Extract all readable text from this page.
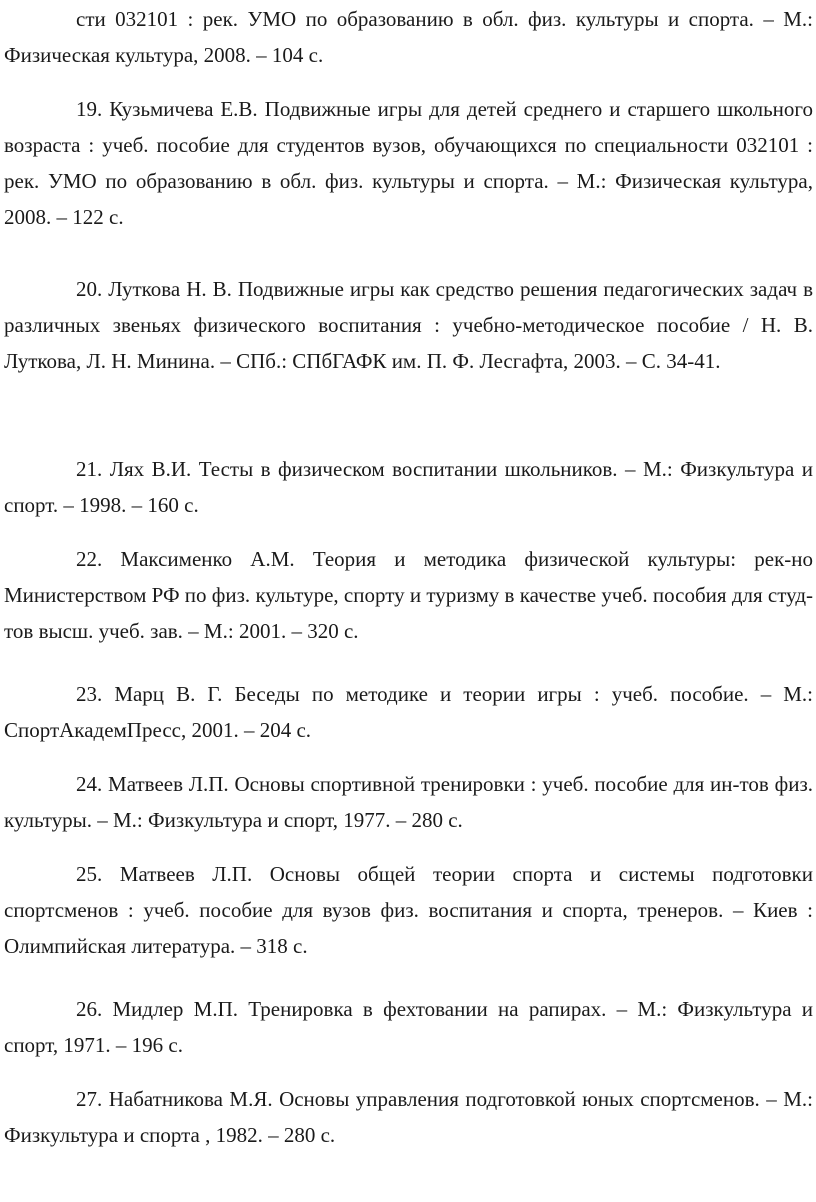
сти 032101 : рек. УМО по образованию в обл. физ. культуры и спорта. – М.: Физическая культура, 2008. – 104 с.

19. Кузьмичева Е.В. Подвижные игры для детей среднего и старшего школьного возраста : учеб. пособие для студентов вузов, обучающихся по специальности 032101 : рек. УМО по образованию в обл. физ. культуры и спорта. – М.: Физическая культура, 2008. – 122 с.

20. Луткова Н. В. Подвижные игры как средство решения педагогических задач в различных звеньях физического воспитания : учебно-методическое пособие / Н. В. Луткова, Л. Н. Минина. – СПб.: СПбГАФК им. П. Ф. Лесгафта, 2003. – С. 34-41.

21. Лях В.И. Тесты в физическом воспитании школьников. – М.: Физкультура и спорт. – 1998. – 160 с.

22. Максименко А.М. Теория и методика физической культуры: рек-но Министерством РФ по физ. культуре, спорту и туризму в качестве учеб. пособия для студ-тов высш. учеб. зав. – М.: 2001. – 320 с.

23. Марц В. Г. Беседы по методике и теории игры : учеб. пособие. – М.: СпортАкадемПресс, 2001. – 204 с.

24. Матвеев Л.П. Основы спортивной тренировки : учеб. пособие для ин-тов физ. культуры. – М.: Физкультура и спорт, 1977. – 280 с.

25. Матвеев Л.П. Основы общей теории спорта и системы подготовки спортсменов : учеб. пособие для вузов физ. воспитания и спорта, тренеров. – Киев : Олимпийская литература. – 318 с.

26. Мидлер М.П. Тренировка в фехтовании на рапирах. – М.: Физкультура и спорт, 1971. – 196 с.

27. Набатникова М.Я. Основы управления подготовкой юных спортсменов. – М.: Физкультура и спорта , 1982. – 280 с.
